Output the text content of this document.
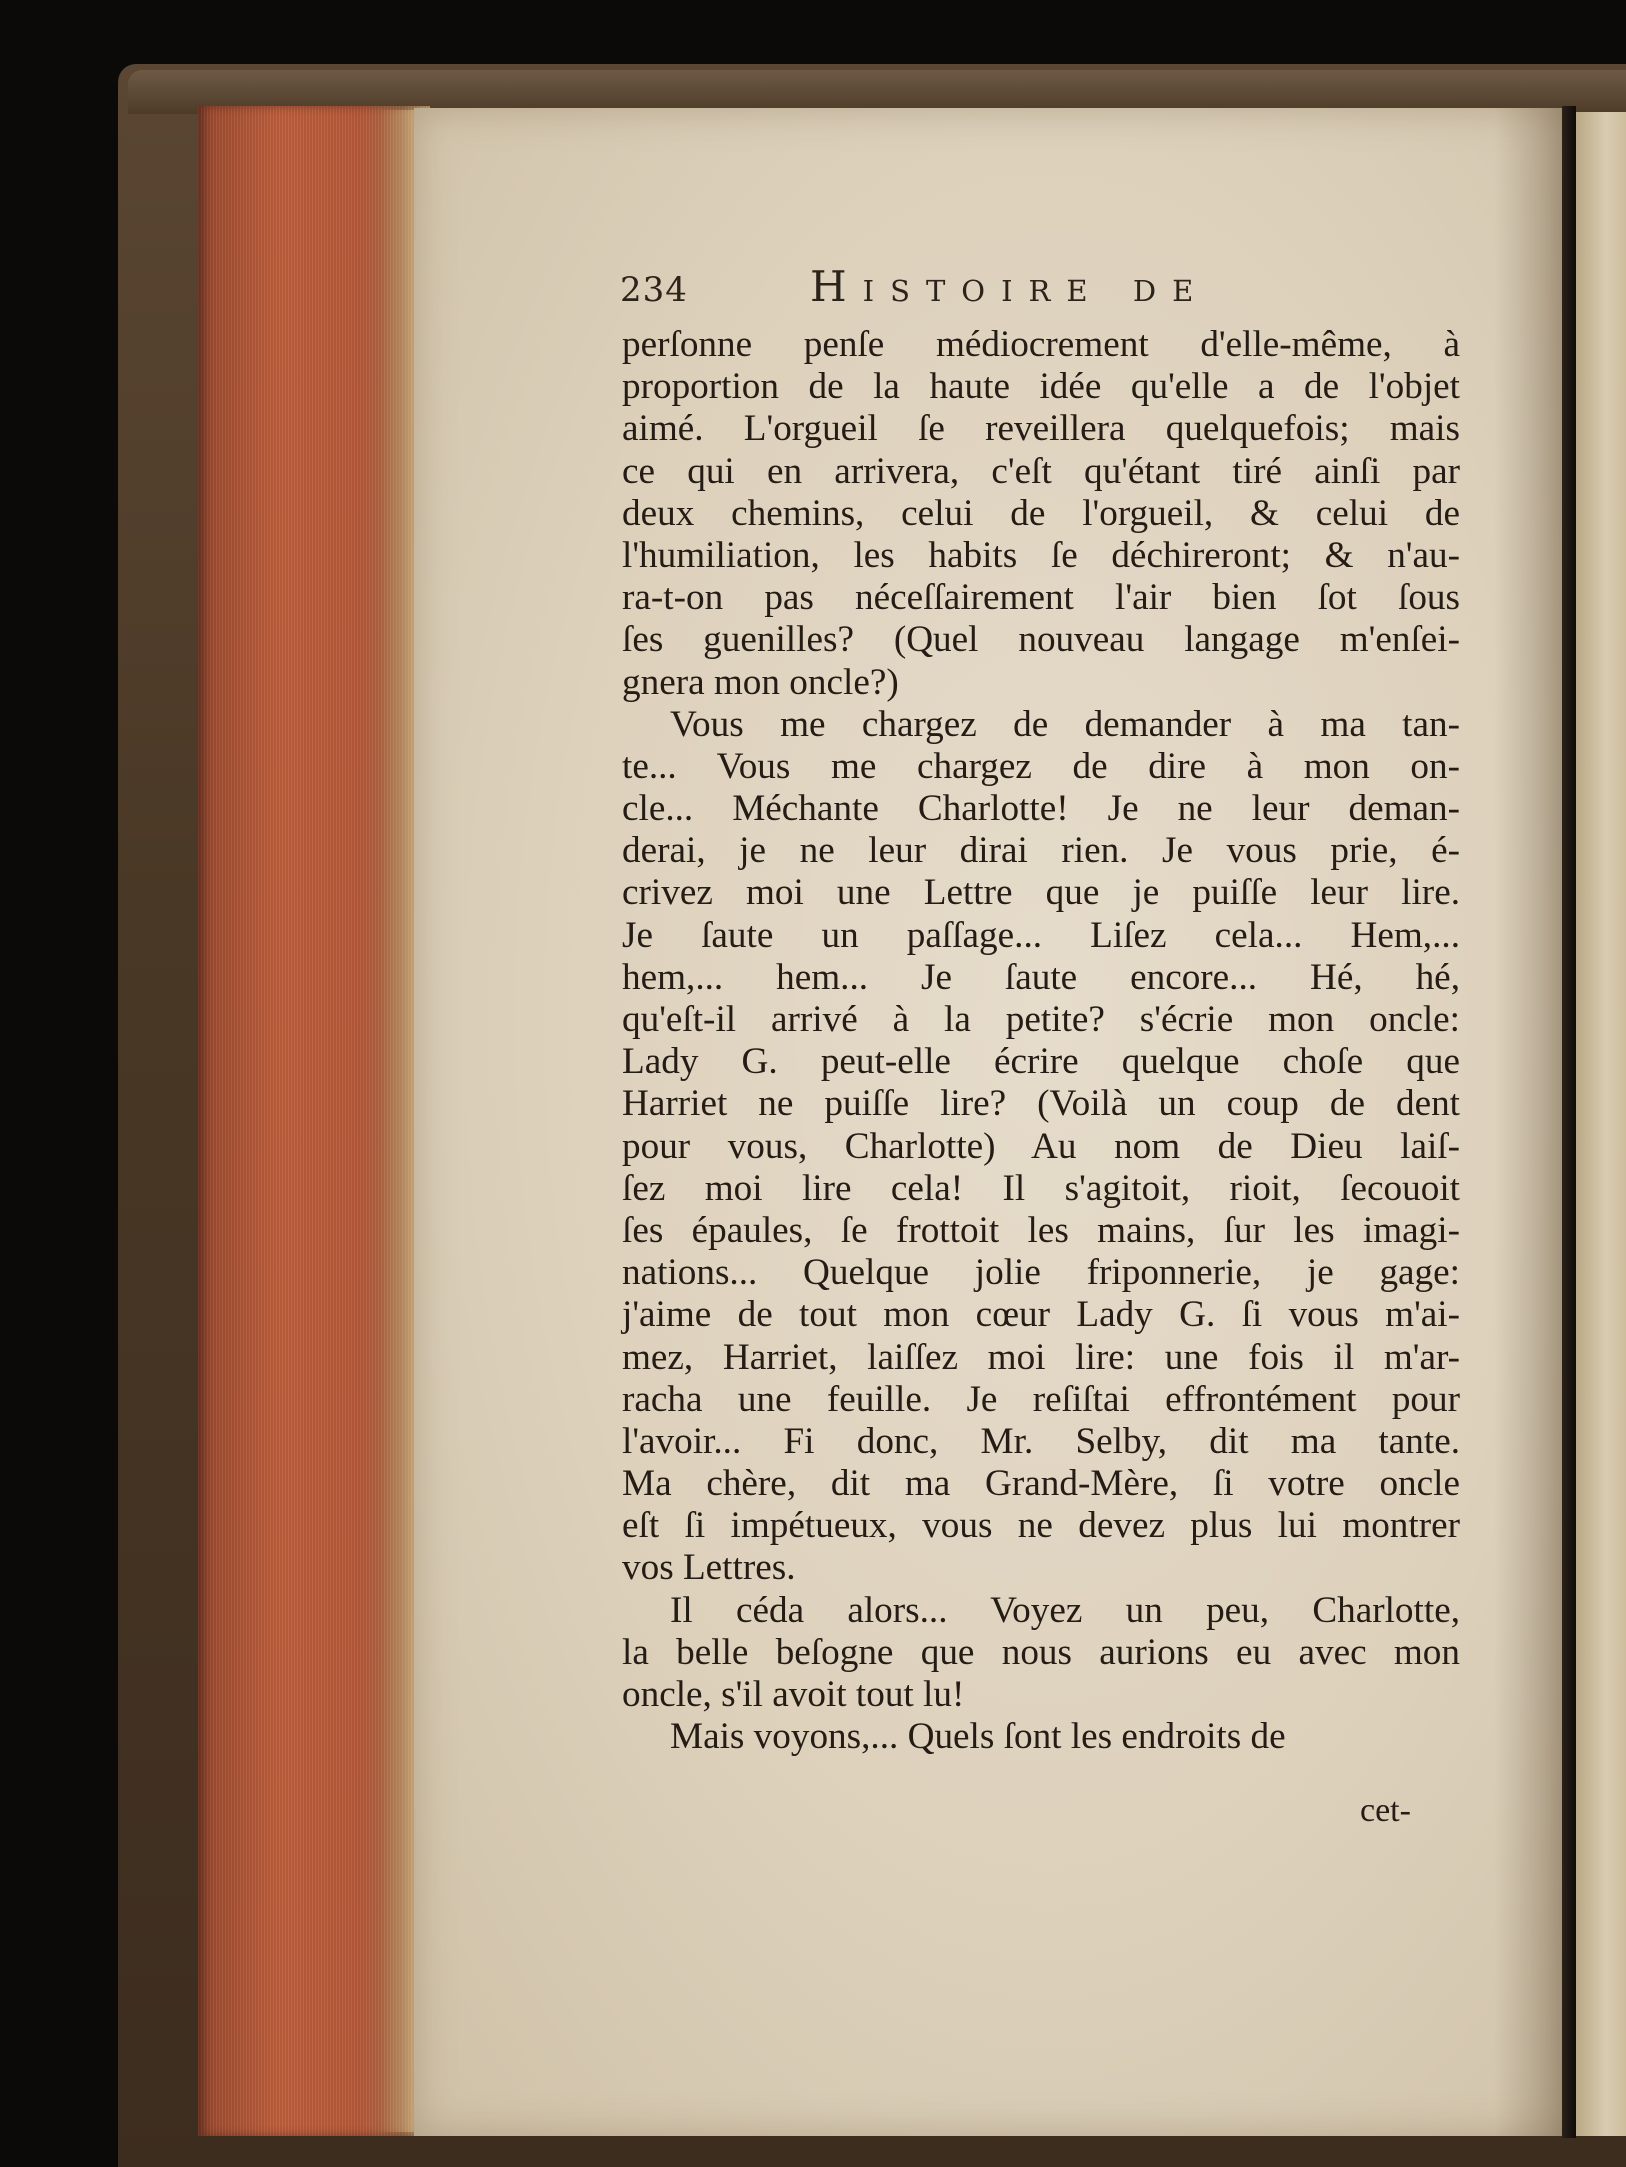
234	Histoire de
perſonne penſe médiocrement d'elle-même, à
proportion de la haute idée qu'elle a de l'objet
aimé. L'orgueil ſe reveillera quelquefois; mais
ce qui en arrivera, c'eſt qu'étant tiré ainſi par
deux chemins, celui de l'orgueil, & celui de
l'humiliation, les habits ſe déchireront; & n'au-
ra-t-on pas néceſſairement l'air bien ſot ſous
ſes guenilles? (Quel nouveau langage m'enſei-
gnera mon oncle?)
Vous me chargez de demander à ma tan-
te... Vous me chargez de dire à mon on-
cle... Méchante Charlotte! Je ne leur deman-
derai, je ne leur dirai rien. Je vous prie, é-
crivez moi une Lettre que je puiſſe leur lire.
Je ſaute un paſſage... Liſez cela... Hem,...
hem,... hem... Je ſaute encore... Hé, hé,
qu'eſt-il arrivé à la petite? s'écrie mon oncle:
Lady G. peut-elle écrire quelque choſe que
Harriet ne puiſſe lire? (Voilà un coup de dent
pour vous, Charlotte) Au nom de Dieu laiſ-
ſez moi lire cela! Il s'agitoit, rioit, ſecouoit
ſes épaules, ſe frottoit les mains, ſur les imagi-
nations... Quelque jolie friponnerie, je gage:
j'aime de tout mon cœur Lady G. ſi vous m'ai-
mez, Harriet, laiſſez moi lire: une fois il m'ar-
racha une feuille. Je reſiſtai effrontément pour
l'avoir... Fi donc, Mr. Selby, dit ma tante.
Ma chère, dit ma Grand-Mère, ſi votre oncle
eſt ſi impétueux, vous ne devez plus lui montrer
vos Lettres.
Il céda alors... Voyez un peu, Charlotte,
la belle beſogne que nous aurions eu avec mon
oncle, s'il avoit tout lu!
Mais voyons,... Quels ſont les endroits de
cet-
